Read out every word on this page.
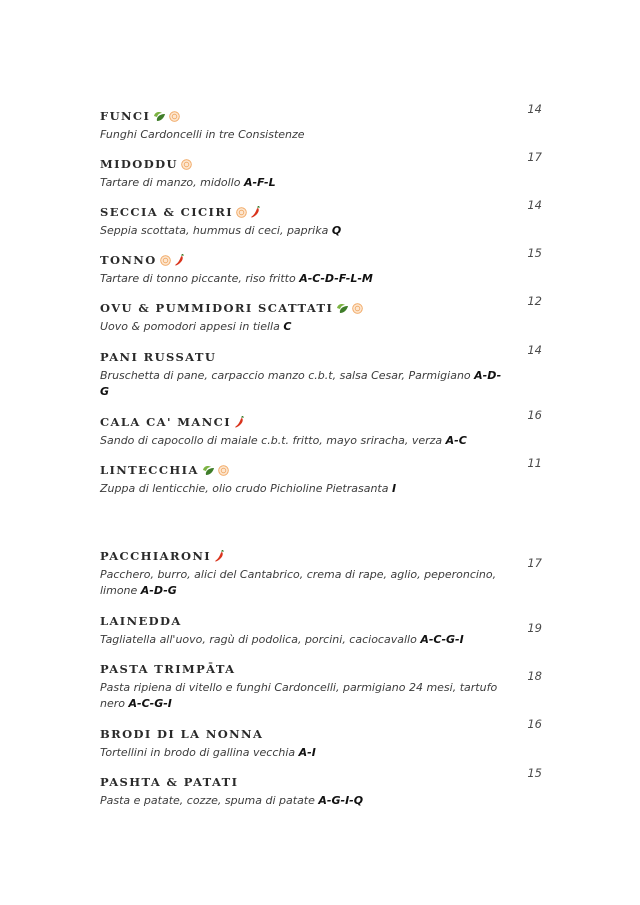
FUNCI
Funghi Cardoncelli in tre Consistenze
14
MIDODDU
Tartare di manzo, midollo A-F-L
17
SECCIA & CICIRI
Seppia scottata, hummus di ceci, paprika Q
14
TONNO
Tartare di tonno piccante, riso fritto A-C-D-F-L-M
15
OVU & PUMMIDORI SCATTATI
Uovo & pomodori appesi in tiella C
12
PANI RUSSATU
Bruschetta di pane, carpaccio manzo c.b.t, salsa Cesar, Parmigiano A-D-G
14
CALA CA' MANCI
Sando di capocollo di maiale c.b.t. fritto, mayo sriracha, verza A-C
16
LINTECCHIA
Zuppa di lenticchie, olio crudo Pichioline Pietrasanta I
11
PACCHIARONI
Pacchero, burro, alici del Cantabrico, crema di rape, aglio, peperoncino, limone A-D-G
17
LAINEDDA
Tagliatella all'uovo, ragù di podolica, porcini, caciocavallo A-C-G-I
19
PASTA TRIMPĀTA
Pasta ripiena di vitello e funghi Cardoncelli, parmigiano 24 mesi, tartufo nero A-C-G-I
18
BRODI DI LA NONNA
Tortellini in brodo di gallina vecchia A-I
16
PASHTA & PATATI
Pasta e patate, cozze, spuma di patate A-G-I-Q
15
